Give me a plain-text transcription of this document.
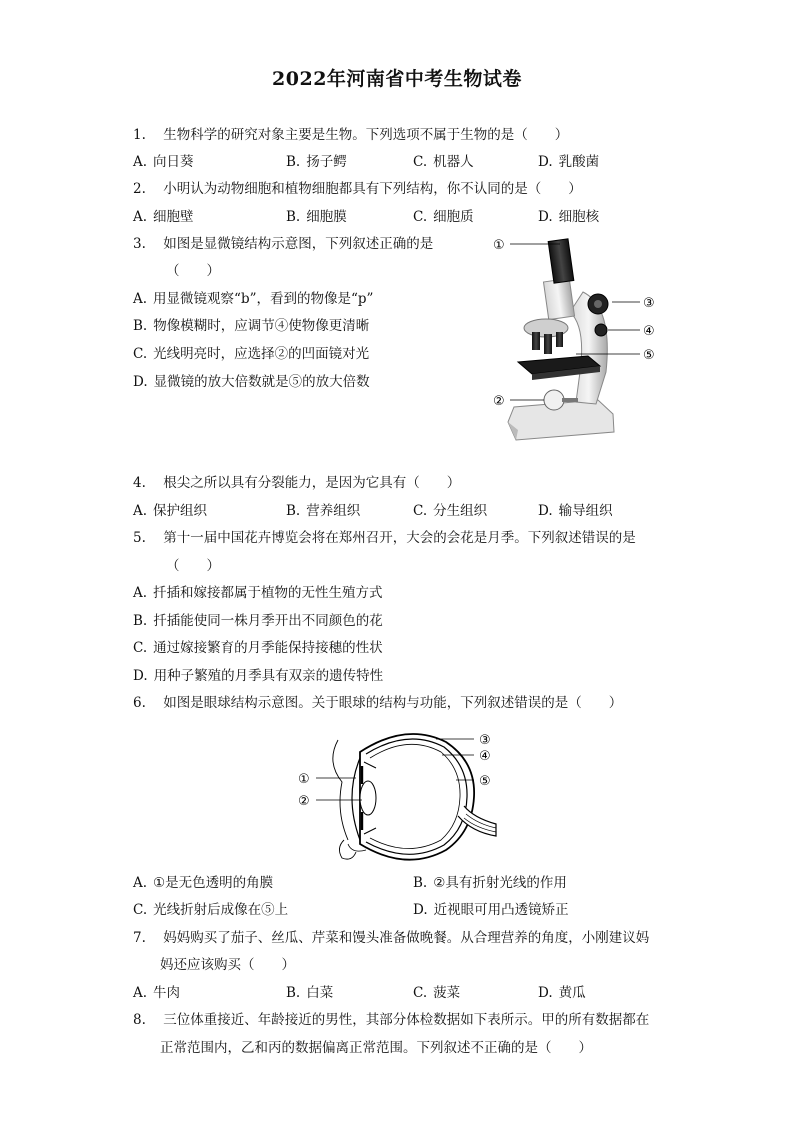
2022年河南省中考生物试卷
1. 生物科学的研究对象主要是生物。下列选项不属于生物的是（　　）
A. 向日葵	B. 扬子鳄	C. 机器人	D. 乳酸菌
2. 小明认为动物细胞和植物细胞都具有下列结构，你不认同的是（　　）
A. 细胞壁	B. 细胞膜	C. 细胞质	D. 细胞核
3. 如图是显微镜结构示意图，下列叙述正确的是
（　　）
A. 用显微镜观察“b”，看到的物像是“p”
B. 物像模糊时，应调节④使物像更清晰
C. 光线明亮时，应选择②的凹面镜对光
D. 显微镜的放大倍数就是⑤的放大倍数
①
②
③
④
⑤
4. 根尖之所以具有分裂能力，是因为它具有（　　）
A. 保护组织	B. 营养组织	C. 分生组织	D. 输导组织
5. 第十一届中国花卉博览会将在郑州召开，大会的会花是月季。下列叙述错误的是
（　　）
A. 扦插和嫁接都属于植物的无性生殖方式
B. 扦插能使同一株月季开出不同颜色的花
C. 通过嫁接繁育的月季能保持接穗的性状
D. 用种子繁殖的月季具有双亲的遗传特性
6. 如图是眼球结构示意图。关于眼球的结构与功能，下列叙述错误的是（　　）
①
②
③
④
⑤
A. ①是无色透明的角膜	B. ②具有折射光线的作用
C. 光线折射后成像在⑤上	D. 近视眼可用凸透镜矫正
7. 妈妈购买了茄子、丝瓜、芹菜和馒头准备做晚餐。从合理营养的角度，小刚建议妈
妈还应该购买（　　）
A. 牛肉	B. 白菜	C. 菠菜	D. 黄瓜
8. 三位体重接近、年龄接近的男性，其部分体检数据如下表所示。甲的所有数据都在
正常范围内，乙和丙的数据偏离正常范围。下列叙述不正确的是（　　）
